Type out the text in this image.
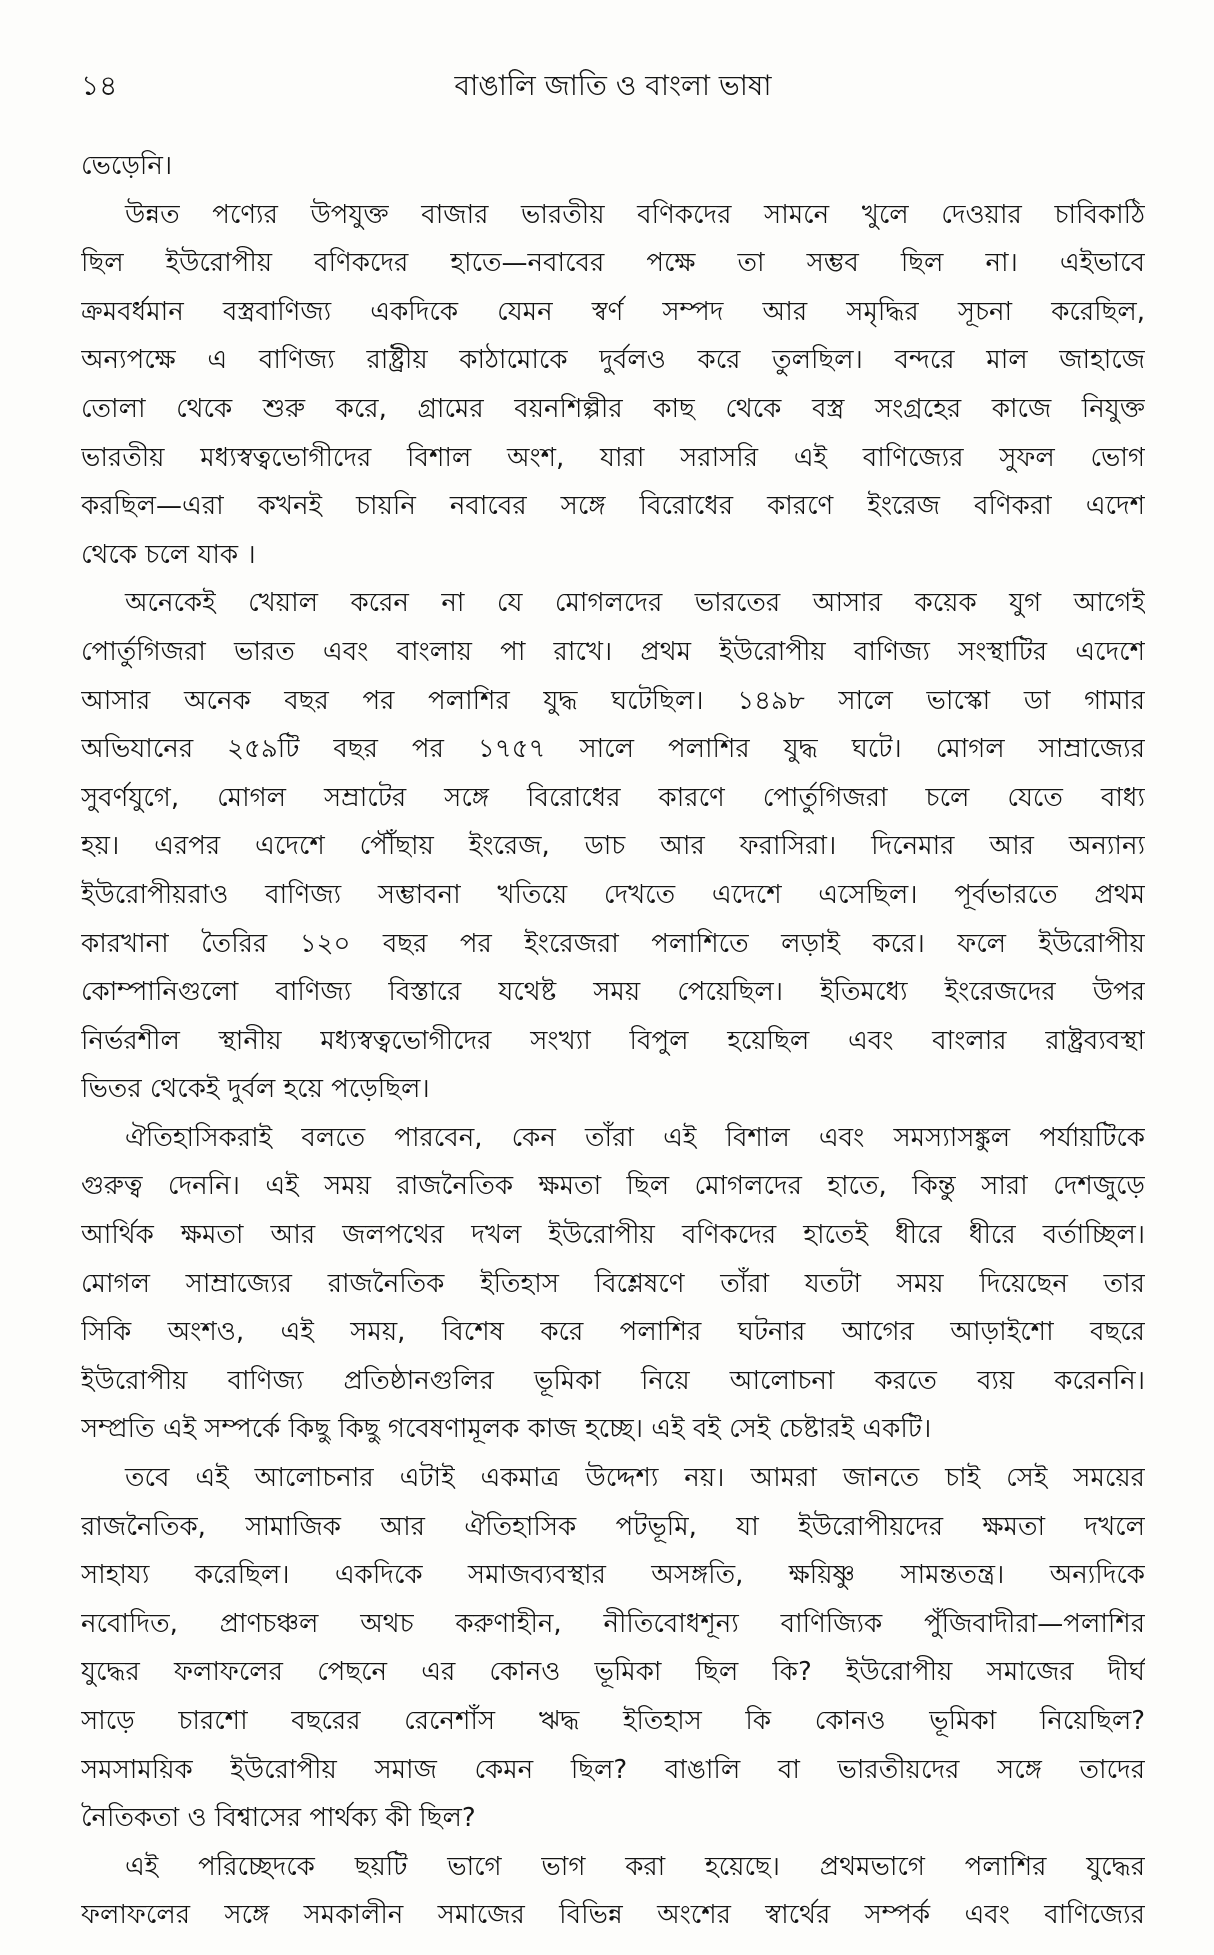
১৪	বাঙালি জাতি ও বাংলা ভাষা
ভেড়েনি।
উন্নত পণ্যের উপযুক্ত বাজার ভারতীয় বণিকদের সামনে খুলে দেওয়ার চাবিকাঠি
ছিল ইউরোপীয় বণিকদের হাতে—নবাবের পক্ষে তা সম্ভব ছিল না। এইভাবে
ক্রমবর্ধমান বস্ত্রবাণিজ্য একদিকে যেমন স্বর্ণ সম্পদ আর সমৃদ্ধির সূচনা করেছিল,
অন্যপক্ষে এ বাণিজ্য রাষ্ট্রীয় কাঠামোকে দুর্বলও করে তুলছিল। বন্দরে মাল জাহাজে
তোলা থেকে শুরু করে, গ্রামের বয়নশিল্পীর কাছ থেকে বস্ত্র সংগ্রহের কাজে নিযুক্ত
ভারতীয় মধ্যস্বত্বভোগীদের বিশাল অংশ, যারা সরাসরি এই বাণিজ্যের সুফল ভোগ
করছিল—এরা কখনই চায়নি নবাবের সঙ্গে বিরোধের কারণে ইংরেজ বণিকরা এদেশ
থেকে চলে যাক ।
অনেকেই খেয়াল করেন না যে মোগলদের ভারতের আসার কয়েক যুগ আগেই
পোর্তুগিজরা ভারত এবং বাংলায় পা রাখে। প্রথম ইউরোপীয় বাণিজ্য সংস্থাটির এদেশে
আসার অনেক বছর পর পলাশির যুদ্ধ ঘটেছিল। ১৪৯৮ সালে ভাস্কো ডা গামার
অভিযানের ২৫৯টি বছর পর ১৭৫৭ সালে পলাশির যুদ্ধ ঘটে। মোগল সাম্রাজ্যের
সুবর্ণযুগে, মোগল সম্রাটের সঙ্গে বিরোধের কারণে পোর্তুগিজরা চলে যেতে বাধ্য
হয়। এরপর এদেশে পৌঁছায় ইংরেজ, ডাচ আর ফরাসিরা। দিনেমার আর অন্যান্য
ইউরোপীয়রাও বাণিজ্য সম্ভাবনা খতিয়ে দেখতে এদেশে এসেছিল। পূর্বভারতে প্রথম
কারখানা তৈরির ১২০ বছর পর ইংরেজরা পলাশিতে লড়াই করে। ফলে ইউরোপীয়
কোম্পানিগুলো বাণিজ্য বিস্তারে যথেষ্ট সময় পেয়েছিল। ইতিমধ্যে ইংরেজদের উপর
নির্ভরশীল স্থানীয় মধ্যস্বত্বভোগীদের সংখ্যা বিপুল হয়েছিল এবং বাংলার রাষ্ট্রব্যবস্থা
ভিতর থেকেই দুর্বল হয়ে পড়েছিল।
ঐতিহাসিকরাই বলতে পারবেন, কেন তাঁরা এই বিশাল এবং সমস্যাসঙ্কুল পর্যায়টিকে
গুরুত্ব দেননি। এই সময় রাজনৈতিক ক্ষমতা ছিল মোগলদের হাতে, কিন্তু সারা দেশজুড়ে
আর্থিক ক্ষমতা আর জলপথের দখল ইউরোপীয় বণিকদের হাতেই ধীরে ধীরে বর্তাচ্ছিল।
মোগল সাম্রাজ্যের রাজনৈতিক ইতিহাস বিশ্লেষণে তাঁরা যতটা সময় দিয়েছেন তার
সিকি অংশও, এই সময়, বিশেষ করে পলাশির ঘটনার আগের আড়াইশো বছরে
ইউরোপীয় বাণিজ্য প্রতিষ্ঠানগুলির ভূমিকা নিয়ে আলোচনা করতে ব্যয় করেননি।
সম্প্রতি এই সম্পর্কে কিছু কিছু গবেষণামূলক কাজ হচ্ছে। এই বই সেই চেষ্টারই একটি।
তবে এই আলোচনার এটাই একমাত্র উদ্দেশ্য নয়। আমরা জানতে চাই সেই সময়ের
রাজনৈতিক, সামাজিক আর ঐতিহাসিক পটভূমি, যা ইউরোপীয়দের ক্ষমতা দখলে
সাহায্য করেছিল। একদিকে সমাজব্যবস্থার অসঙ্গতি, ক্ষয়িষ্ণু সামন্ততন্ত্র। অন্যদিকে
নবোদিত, প্রাণচঞ্চল অথচ করুণাহীন, নীতিবোধশূন্য বাণিজ্যিক পুঁজিবাদীরা—পলাশির
যুদ্ধের ফলাফলের পেছনে এর কোনও ভূমিকা ছিল কি? ইউরোপীয় সমাজের দীর্ঘ
সাড়ে চারশো বছরের রেনেশাঁস ঋদ্ধ ইতিহাস কি কোনও ভূমিকা নিয়েছিল?
সমসাময়িক ইউরোপীয় সমাজ কেমন ছিল? বাঙালি বা ভারতীয়দের সঙ্গে তাদের
নৈতিকতা ও বিশ্বাসের পার্থক্য কী ছিল?
এই পরিচ্ছেদকে ছয়টি ভাগে ভাগ করা হয়েছে। প্রথমভাগে পলাশির যুদ্ধের
ফলাফলের সঙ্গে সমকালীন সমাজের বিভিন্ন অংশের স্বার্থের সম্পর্ক এবং বাণিজ্যের
